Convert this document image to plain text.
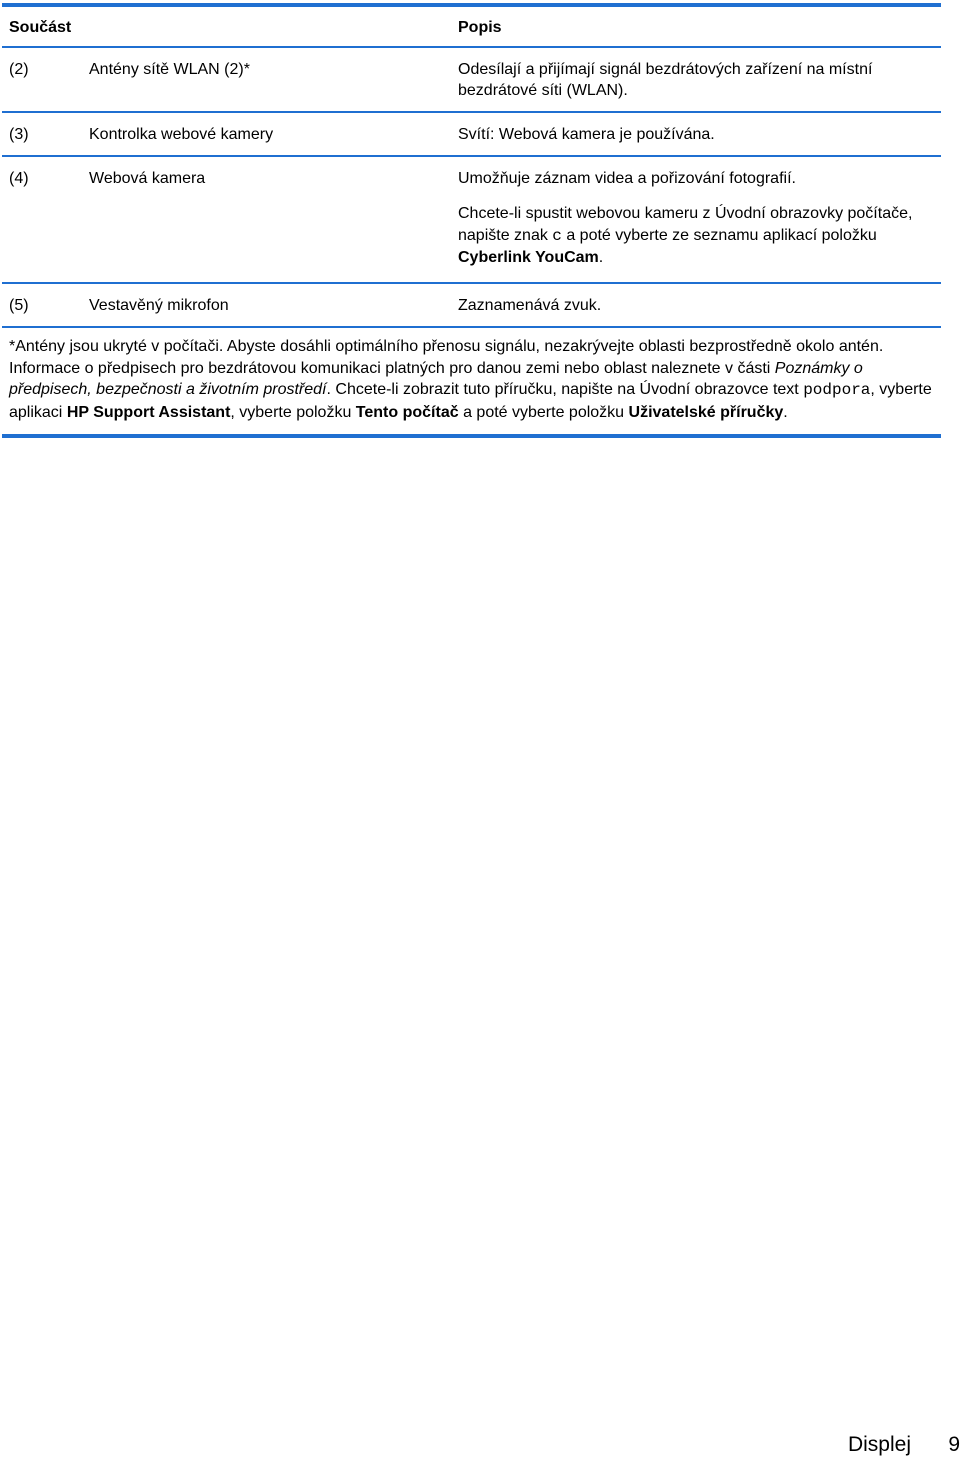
Součást	Popis
(2)	Antény sítě WLAN (2)*	Odesílají a přijímají signál bezdrátových zařízení na místní bezdrátové síti (WLAN).
(3)	Kontrolka webové kamery	Svítí: Webová kamera je používána.
(4)	Webová kamera	Umožňuje záznam videa a pořizování fotografií.
Chcete-li spustit webovou kameru z Úvodní obrazovky počítače, napište znak c a poté vyberte ze seznamu aplikací položku Cyberlink YouCam.
(5)	Vestavěný mikrofon	Zaznamenává zvuk.
*Antény jsou ukryté v počítači. Abyste dosáhli optimálního přenosu signálu, nezakrývejte oblasti bezprostředně okolo antén. Informace o předpisech pro bezdrátovou komunikaci platných pro danou zemi nebo oblast naleznete v části Poznámky o předpisech, bezpečnosti a životním prostředí. Chcete-li zobrazit tuto příručku, napište na Úvodní obrazovce text podpora, vyberte aplikaci HP Support Assistant, vyberte položku Tento počítač a poté vyberte položku Uživatelské příručky.
Displej 9
